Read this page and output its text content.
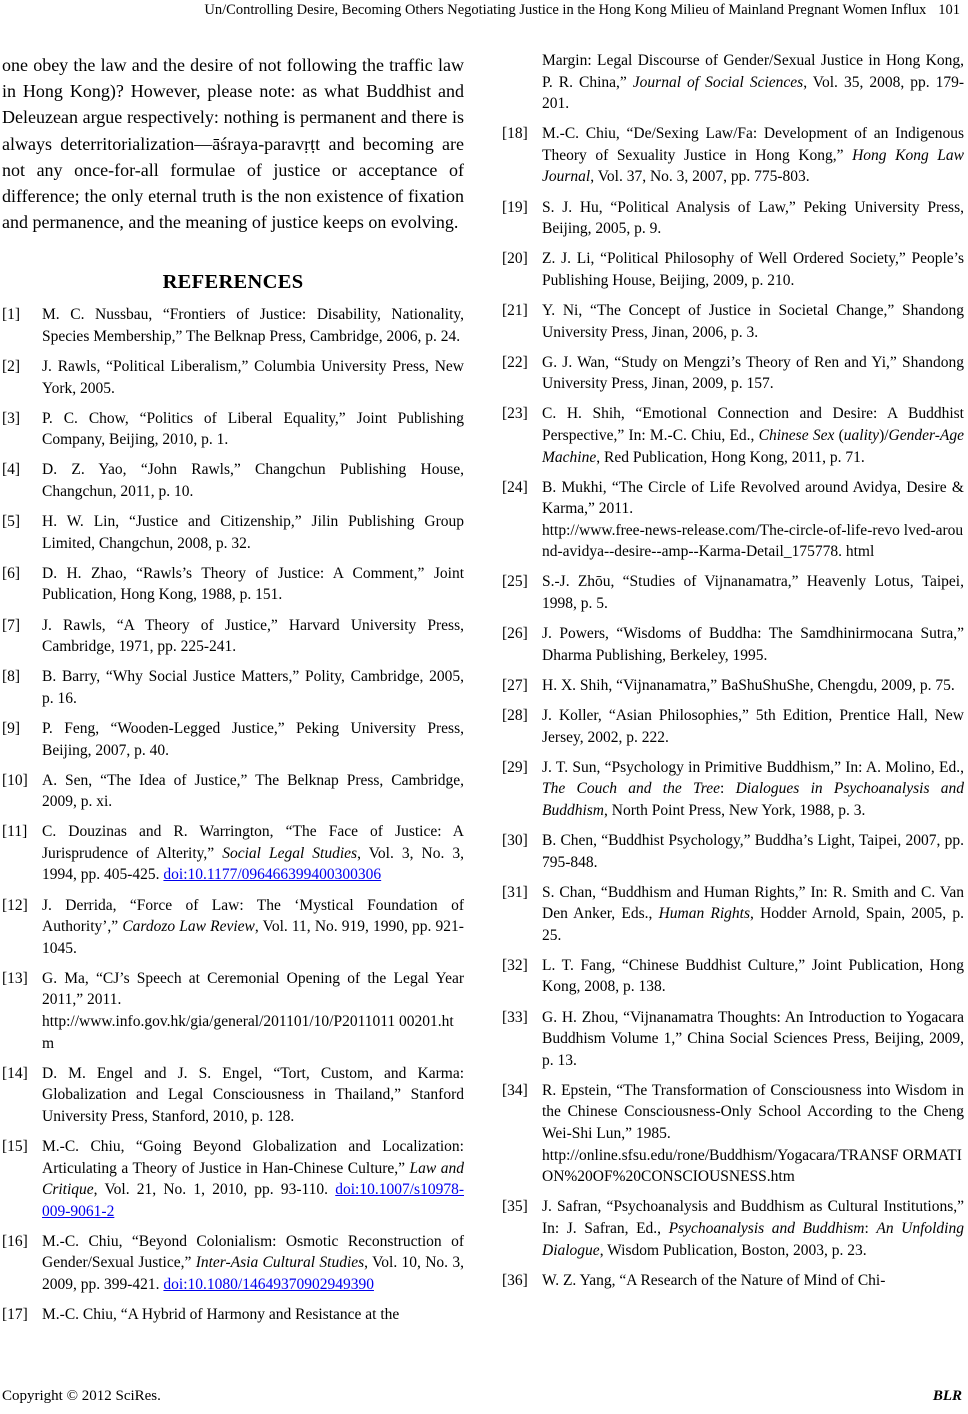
Un/Controlling Desire, Becoming Others Negotiating Justice in the Hong Kong Milieu of Mainland Pregnant Women Influx 101

one obey the law and the desire of not following the traffic law in Hong Kong)? However, please note: as what Buddhist and Deleuzean argue respectively: nothing is permanent and there is always deterritorialization—āśraya-paravṛṭt and becoming are not any once-for-all formulae of justice or acceptance of difference; the only eternal truth is the non existence of fixation and permanence, and the meaning of justice keeps on evolving.

REFERENCES
[1] M. C. Nussbau, “Frontiers of Justice: Disability, Nationality, Species Membership,” The Belknap Press, Cambridge, 2006, p. 24.
[2] J. Rawls, “Political Liberalism,” Columbia University Press, New York, 2005.
[3] P. C. Chow, “Politics of Liberal Equality,” Joint Publishing Company, Beijing, 2010, p. 1.
[4] D. Z. Yao, “John Rawls,” Changchun Publishing House, Changchun, 2011, p. 10.
[5] H. W. Lin, “Justice and Citizenship,” Jilin Publishing Group Limited, Changchun, 2008, p. 32.
[6] D. H. Zhao, “Rawls’s Theory of Justice: A Comment,” Joint Publication, Hong Kong, 1988, p. 151.
[7] J. Rawls, “A Theory of Justice,” Harvard University Press, Cambridge, 1971, pp. 225-241.
[8] B. Barry, “Why Social Justice Matters,” Polity, Cambridge, 2005, p. 16.
[9] P. Feng, “Wooden-Legged Justice,” Peking University Press, Beijing, 2007, p. 40.
[10] A. Sen, “The Idea of Justice,” The Belknap Press, Cambridge, 2009, p. xi.
[11] C. Douzinas and R. Warrington, “The Face of Justice: A Jurisprudence of Alterity,” Social Legal Studies, Vol. 3, No. 3, 1994, pp. 405-425. doi:10.1177/096466399400300306
[12] J. Derrida, “Force of Law: The ‘Mystical Foundation of Authority’,” Cardozo Law Review, Vol. 11, No. 919, 1990, pp. 921-1045.
[13] G. Ma, “CJ’s Speech at Ceremonial Opening of the Legal Year 2011,” 2011.
http://www.info.gov.hk/gia/general/201101/10/P2011011 00201.htm
[14] D. M. Engel and J. S. Engel, “Tort, Custom, and Karma: Globalization and Legal Consciousness in Thailand,” Stanford University Press, Stanford, 2010, p. 128.
[15] M.-C. Chiu, “Going Beyond Globalization and Localization: Articulating a Theory of Justice in Han-Chinese Culture,” Law and Critique, Vol. 21, No. 1, 2010, pp. 93-110. doi:10.1007/s10978-009-9061-2
[16] M.-C. Chiu, “Beyond Colonialism: Osmotic Reconstruction of Gender/Sexual Justice,” Inter-Asia Cultural Studies, Vol. 10, No. 3, 2009, pp. 399-421. doi:10.1080/14649370902949390
[17] M.-C. Chiu, “A Hybrid of Harmony and Resistance at the
Margin: Legal Discourse of Gender/Sexual Justice in Hong Kong, P. R. China,” Journal of Social Sciences, Vol. 35, 2008, pp. 179-201.
[18] M.-C. Chiu, “De/Sexing Law/Fa: Development of an Indigenous Theory of Sexuality Justice in Hong Kong,” Hong Kong Law Journal, Vol. 37, No. 3, 2007, pp. 775-803.
[19] S. J. Hu, “Political Analysis of Law,” Peking University Press, Beijing, 2005, p. 9.
[20] Z. J. Li, “Political Philosophy of Well Ordered Society,” People’s Publishing House, Beijing, 2009, p. 210.
[21] Y. Ni, “The Concept of Justice in Societal Change,” Shandong University Press, Jinan, 2006, p. 3.
[22] G. J. Wan, “Study on Mengzi’s Theory of Ren and Yi,” Shandong University Press, Jinan, 2009, p. 157.
[23] C. H. Shih, “Emotional Connection and Desire: A Buddhist Perspective,” In: M.-C. Chiu, Ed., Chinese Sex (uality)/Gender-Age Machine, Red Publication, Hong Kong, 2011, p. 71.
[24] B. Mukhi, “The Circle of Life Revolved around Avidya, Desire & Karma,” 2011.
http://www.free-news-release.com/The-circle-of-life-revo lved-around-avidya--desire--amp--Karma-Detail_175778. html
[25] S.-J. Zhōu, “Studies of Vijnanamatra,” Heavenly Lotus, Taipei, 1998, p. 5.
[26] J. Powers, “Wisdoms of Buddha: The Samdhinirmocana Sutra,” Dharma Publishing, Berkeley, 1995.
[27] H. X. Shih, “Vijnanamatra,” BaShuShuShe, Chengdu, 2009, p. 75.
[28] J. Koller, “Asian Philosophies,” 5th Edition, Prentice Hall, New Jersey, 2002, p. 222.
[29] J. T. Sun, “Psychology in Primitive Buddhism,” In: A. Molino, Ed., The Couch and the Tree: Dialogues in Psychoanalysis and Buddhism, North Point Press, New York, 1988, p. 3.
[30] B. Chen, “Buddhist Psychology,” Buddha’s Light, Taipei, 2007, pp. 795-848.
[31] S. Chan, “Buddhism and Human Rights,” In: R. Smith and C. Van Den Anker, Eds., Human Rights, Hodder Arnold, Spain, 2005, p. 25.
[32] L. T. Fang, “Chinese Buddhist Culture,” Joint Publication, Hong Kong, 2008, p. 138.
[33] G. H. Zhou, “Vijnanamatra Thoughts: An Introduction to Yogacara Buddhism Volume 1,” China Social Sciences Press, Beijing, 2009, p. 13.
[34] R. Epstein, “The Transformation of Consciousness into Wisdom in the Chinese Consciousness-Only School According to the Cheng Wei-Shi Lun,” 1985.
http://online.sfsu.edu/rone/Buddhism/Yogacara/TRANSF ORMATION%20OF%20CONSCIOUSNESS.htm
[35] J. Safran, “Psychoanalysis and Buddhism as Cultural Institutions,” In: J. Safran, Ed., Psychoanalysis and Buddhism: An Unfolding Dialogue, Wisdom Publication, Boston, 2003, p. 23.
[36] W. Z. Yang, “A Research of the Nature of Mind of Chi-
Copyright © 2012 SciRes.	BLR
